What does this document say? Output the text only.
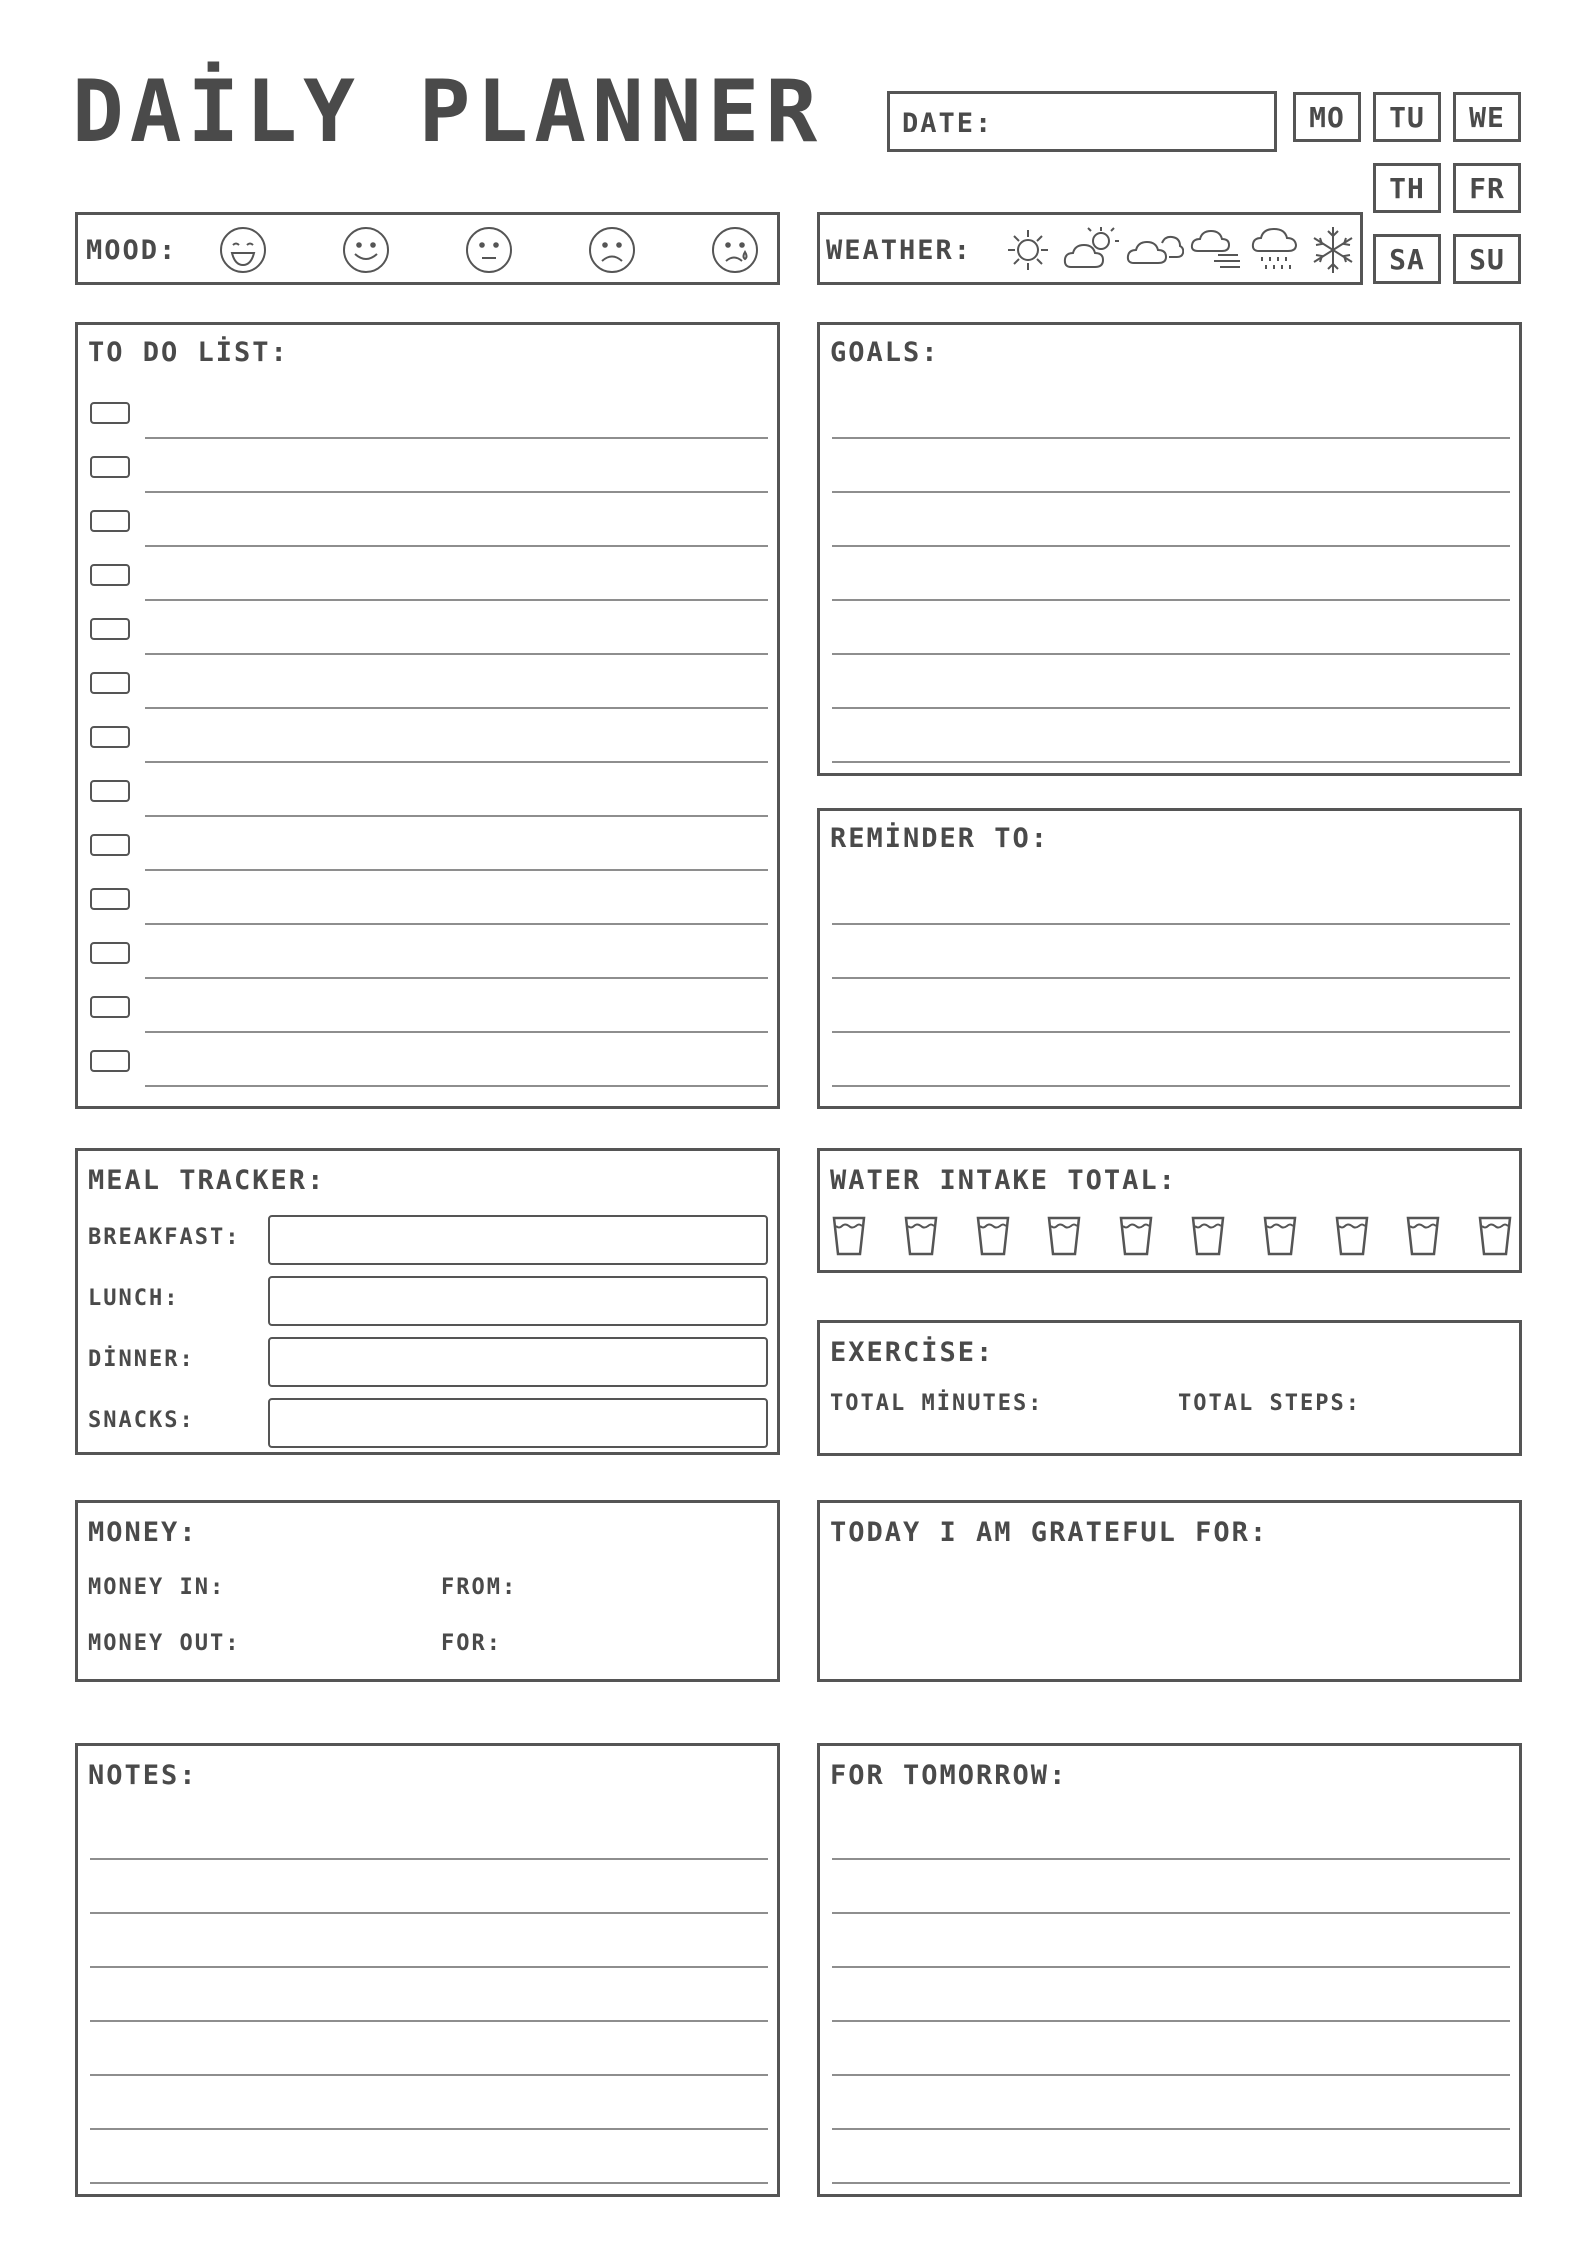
DAİLY PLANNER	DATE:	MO	TU	WE
TH	FR
SA	SU
MOOD:	WEATHER:
TO DO LİST:	GOALS:
REMİNDER TO:
MEAL TRACKER:
BREAKFAST:
LUNCH:
DİNNER:
SNACKS:
WATER INTAKE TOTAL:
EXERCİSE:
TOTAL MİNUTES:	TOTAL STEPS:
MONEY:
MONEY IN:	FROM:
MONEY OUT:	FOR:
TODAY I AM GRATEFUL FOR:
NOTES:	FOR TOMORROW:
